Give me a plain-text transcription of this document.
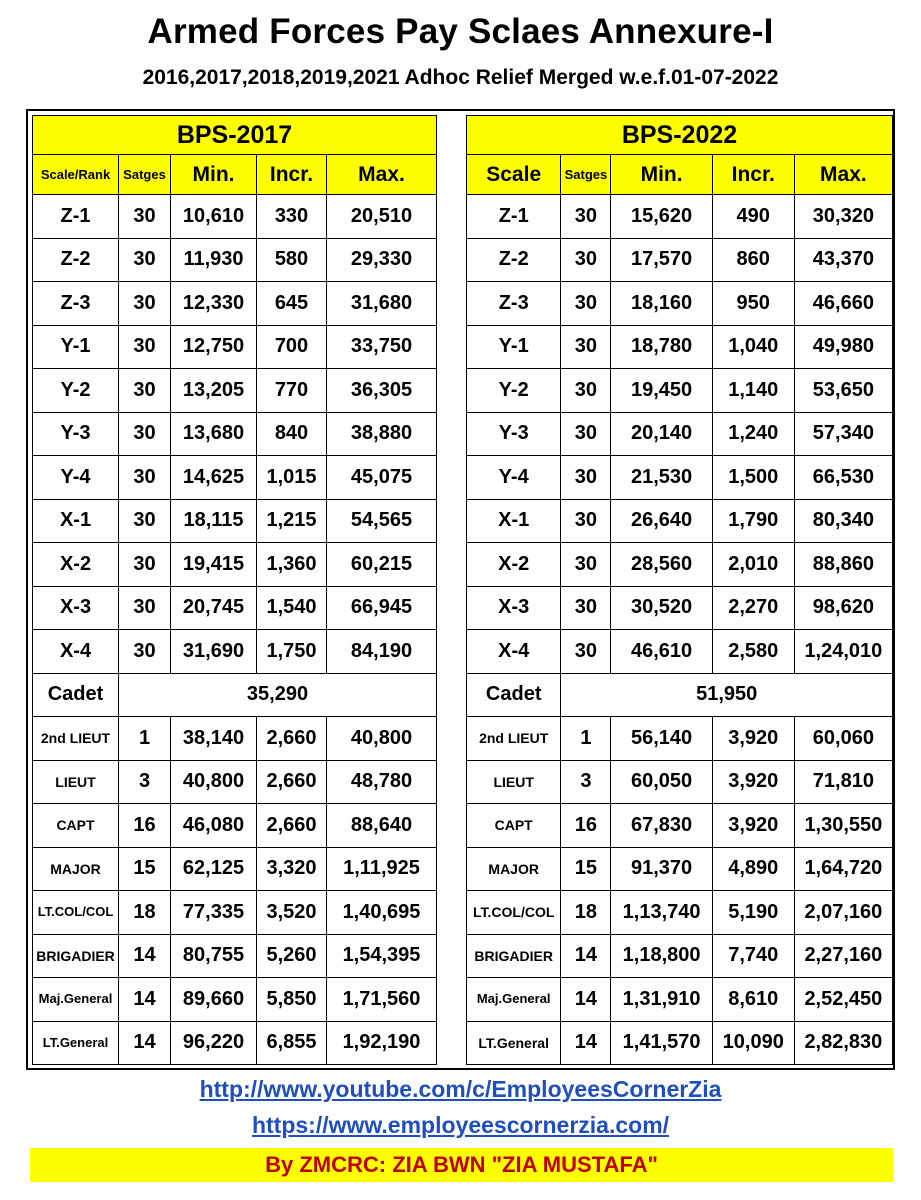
Armed Forces Pay Sclaes Annexure-I
2016,2017,2018,2019,2021 Adhoc Relief Merged w.e.f.01-07-2022
BPS-2017				
Scale/Rank	Satges	Min.	Incr.	Max.
Z-1	30	10,610	330	20,510
Z-2	30	11,930	580	29,330
Z-3	30	12,330	645	31,680
Y-1	30	12,750	700	33,750
Y-2	30	13,205	770	36,305
Y-3	30	13,680	840	38,880
Y-4	30	14,625	1,015	45,075
X-1	30	18,115	1,215	54,565
X-2	30	19,415	1,360	60,215
X-3	30	20,745	1,540	66,945
X-4	30	31,690	1,750	84,190
Cadet	35,290			
2nd LIEUT	1	38,140	2,660	40,800
LIEUT	3	40,800	2,660	48,780
CAPT	16	46,080	2,660	88,640
MAJOR	15	62,125	3,320	1,11,925
LT.COL/COL	18	77,335	3,520	1,40,695
BRIGADIER	14	80,755	5,260	1,54,395
Maj.General	14	89,660	5,850	1,71,560
LT.General	14	96,220	6,855	1,92,190
BPS-2022				
Scale	Satges	Min.	Incr.	Max.
Z-1	30	15,620	490	30,320
Z-2	30	17,570	860	43,370
Z-3	30	18,160	950	46,660
Y-1	30	18,780	1,040	49,980
Y-2	30	19,450	1,140	53,650
Y-3	30	20,140	1,240	57,340
Y-4	30	21,530	1,500	66,530
X-1	30	26,640	1,790	80,340
X-2	30	28,560	2,010	88,860
X-3	30	30,520	2,270	98,620
X-4	30	46,610	2,580	1,24,010
Cadet	51,950			
2nd LIEUT	1	56,140	3,920	60,060
LIEUT	3	60,050	3,920	71,810
CAPT	16	67,830	3,920	1,30,550
MAJOR	15	91,370	4,890	1,64,720
LT.COL/COL	18	1,13,740	5,190	2,07,160
BRIGADIER	14	1,18,800	7,740	2,27,160
Maj.General	14	1,31,910	8,610	2,52,450
LT.General	14	1,41,570	10,090	2,82,830
http://www.youtube.com/c/EmployeesCornerZia
https://www.employeescornerzia.com/
By ZMCRC: ZIA BWN "ZIA MUSTAFA"
